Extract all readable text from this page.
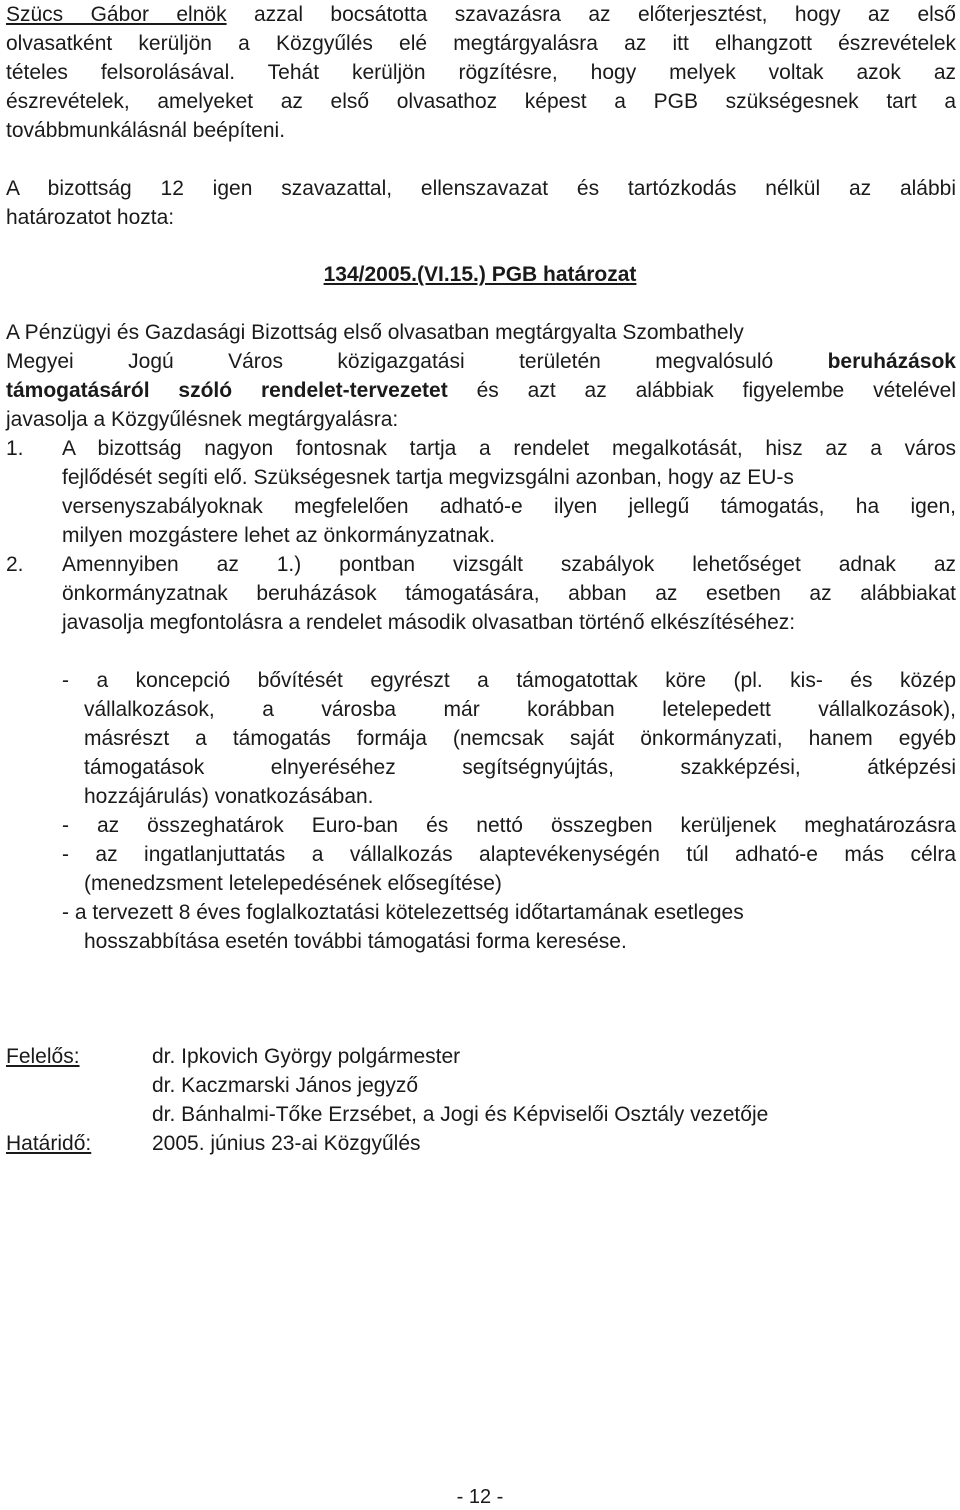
Szücs Gábor elnök azzal bocsátotta szavazásra az előterjesztést, hogy az első
olvasatként kerüljön a Közgyűlés elé megtárgyalásra az itt elhangzott észrevételek
tételes felsorolásával. Tehát kerüljön rögzítésre, hogy melyek voltak azok az
észrevételek, amelyeket az első olvasathoz képest a PGB szükségesnek tart a
továbbmunkálásnál beépíteni.
A bizottság 12 igen szavazattal, ellenszavazat és tartózkodás nélkül az alábbi
határozatot hozta:
134/2005.(VI.15.) PGB határozat
A Pénzügyi és Gazdasági Bizottság első olvasatban megtárgyalta Szombathely
Megyei Jogú Város közigazgatási területén megvalósuló beruházások
támogatásáról szóló rendelet-tervezetet és azt az alábbiak figyelembe vételével
javasolja a Közgyűlésnek megtárgyalásra:
1. A bizottság nagyon fontosnak tartja a rendelet megalkotását, hisz az a város
fejlődését segíti elő. Szükségesnek tartja megvizsgálni azonban, hogy az EU-s
versenyszabályoknak megfelelően adható-e ilyen jellegű támogatás, ha igen,
milyen mozgástere lehet az önkormányzatnak.
2. Amennyiben az 1.) pontban vizsgált szabályok lehetőséget adnak az
önkormányzatnak beruházások támogatására, abban az esetben az alábbiakat
javasolja megfontolásra a rendelet második olvasatban történő elkészítéséhez:
- a koncepció bővítését egyrészt a támogatottak köre (pl. kis- és közép
vállalkozások, a városba már korábban letelepedett vállalkozások),
másrészt a támogatás formája (nemcsak saját önkormányzati, hanem egyéb
támogatások elnyeréséhez segítségnyújtás, szakképzési, átképzési
hozzájárulás) vonatkozásában.
- az összeghatárok Euro-ban és nettó összegben kerüljenek meghatározásra
- az ingatlanjuttatás a vállalkozás alaptevékenységén túl adható-e más célra
(menedzsment letelepedésének elősegítése)
- a tervezett 8 éves foglalkoztatási kötelezettség időtartamának esetleges
hosszabbítása esetén további támogatási forma keresése.
Felelős:	dr. Ipkovich György polgármester
dr. Kaczmarski János jegyző
dr. Bánhalmi-Tőke Erzsébet, a Jogi és Képviselői Osztály vezetője
Határidő:	2005. június 23-ai Közgyűlés
- 12 -
